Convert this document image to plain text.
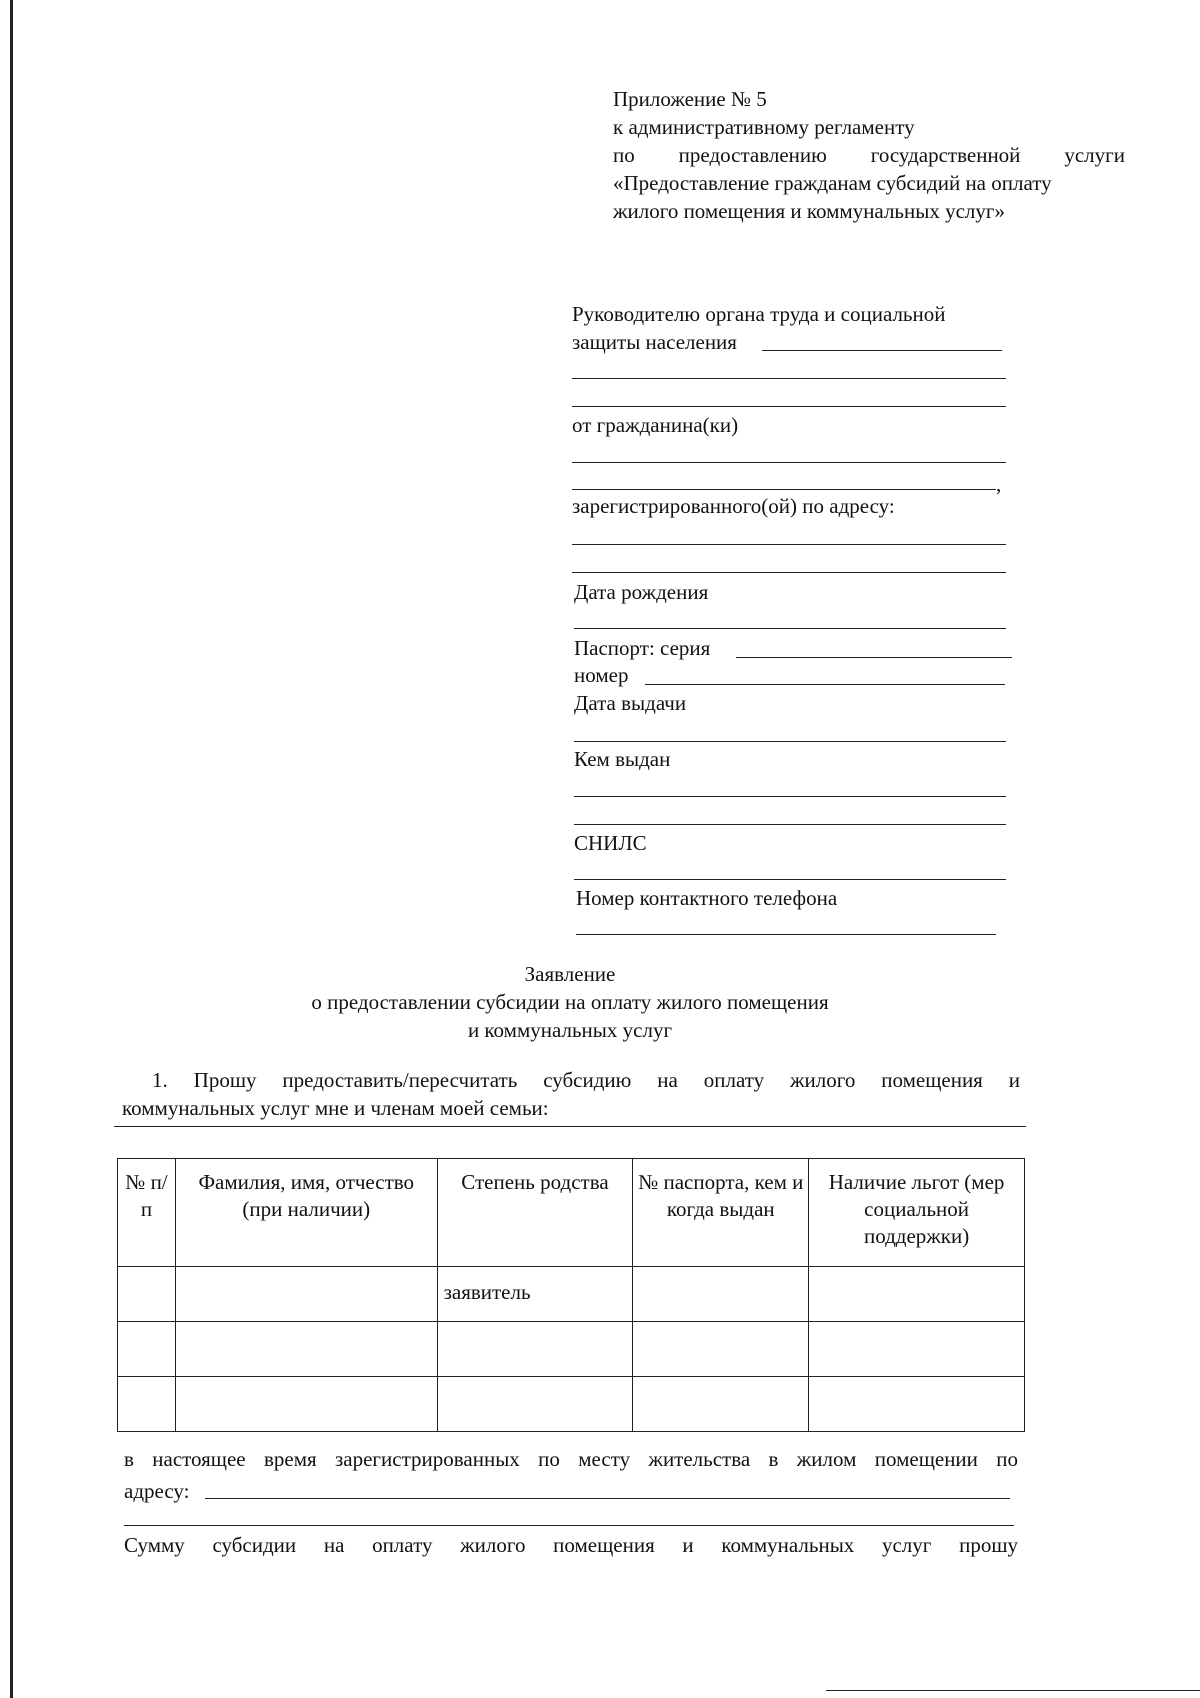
Приложение № 5
к административному регламенту
по предоставлению государственной услуги
«Предоставление гражданам субсидий на оплату
жилого помещения и коммунальных услуг»
Руководителю органа труда и социальной
защиты населения
от гражданина(ки)
,
зарегистрированного(ой) по адресу:
Дата рождения
Паспорт: серия
номер
Дата выдачи
Кем выдан
СНИЛС
Номер контактного телефона
Заявление
о предоставлении субсидии на оплату жилого помещения
и коммунальных услуг
1. Прошу предоставить/пересчитать субсидию на оплату жилого помещения и
коммунальных услуг мне и членам моей семьи:
№ п/п	Фамилия, имя, отчество (при наличии)	Степень родства	№ паспорта, кем и когда выдан	Наличие льгот (мер социальной поддержки)
		заявитель		

в настоящее время зарегистрированных по месту жительства в жилом помещении по
адресу:
Сумму субсидии на оплату жилого помещения и коммунальных услуг прошу
